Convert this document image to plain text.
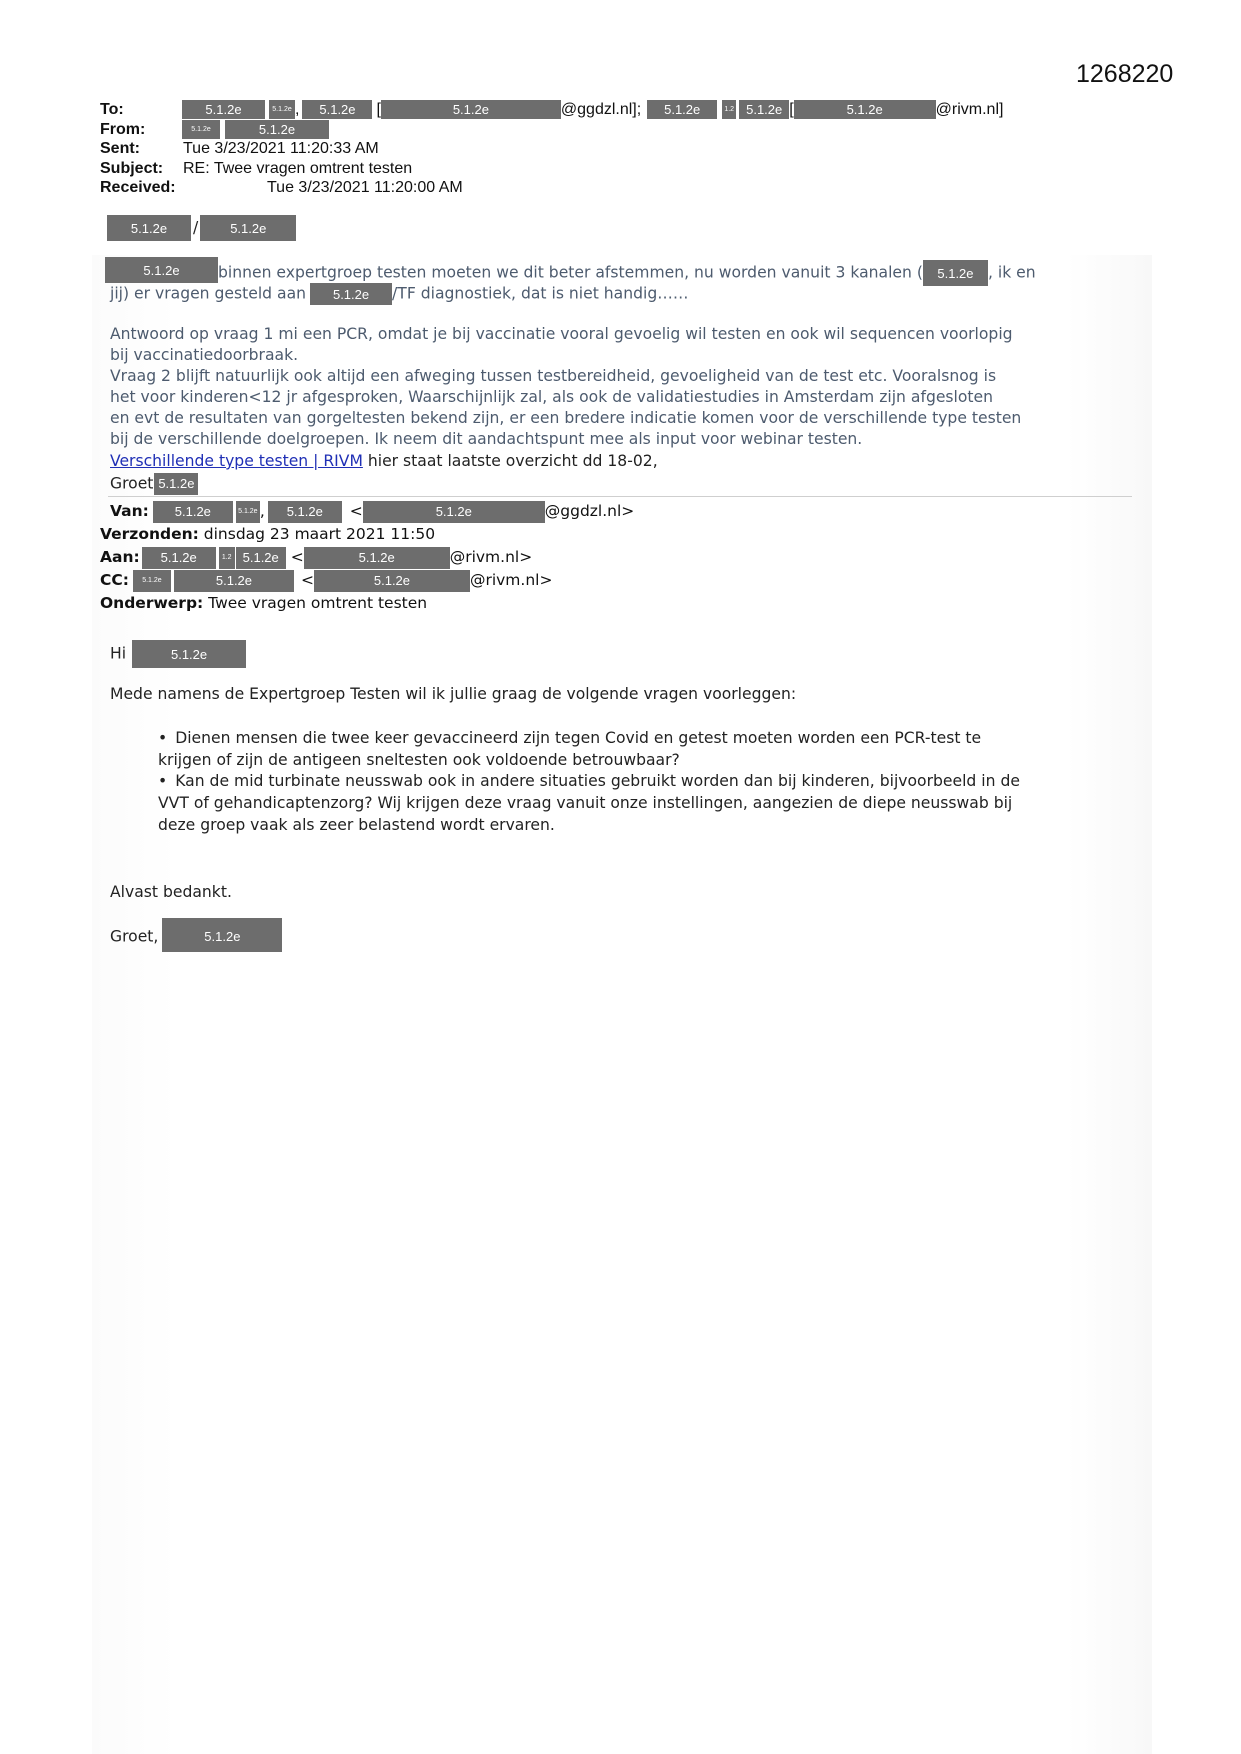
1268220
To:	5.1.2e	5.1.2e , 5.1.2e [	5.1.2e	@ggdzl.nl]; 5.1.2e	1.2 5.1.2e [	5.1.2e	@rivm.nl]
From:	5.1.2e	5.1.2e
Sent:	Tue 3/23/2021 11:20:33 AM
Subject: RE: Twee vragen omtrent testen
Received:	Tue 3/23/2021 11:20:00 AM
5.1.2e / 5.1.2e
5.1.2e binnen expertgroep testen moeten we dit beter afstemmen, nu worden vanuit 3 kanalen ( 5.1.2e , ik en
jij) er vragen gesteld aan 5.1.2e /TF diagnostiek, dat is niet handig……
Antwoord op vraag 1 mi een PCR, omdat je bij vaccinatie vooral gevoelig wil testen en ook wil sequencen voorlopig
bij vaccinatiedoorbraak.
Vraag 2 blijft natuurlijk ook altijd een afweging tussen testbereidheid, gevoeligheid van de test etc. Vooralsnog is
het voor kinderen<12 jr afgesproken, Waarschijnlijk zal, als ook de validatiestudies in Amsterdam zijn afgesloten
en evt de resultaten van gorgeltesten bekend zijn, er een bredere indicatie komen voor de verschillende type testen
bij de verschillende doelgroepen. Ik neem dit aandachtspunt mee als input voor webinar testen.
Verschillende type testen | RIVM hier staat laatste overzicht dd 18-02,
Groet 5.1.2e
Van: 5.1.2e	5.1.2e , 5.1.2e <	5.1.2e	@ggdzl.nl>
Verzonden: dinsdag 23 maart 2021 11:50
Aan: 5.1.2e	1.2 5.1.2e <	5.1.2e	@rivm.nl>
CC: 5.1.2e	5.1.2e	<	5.1.2e	@rivm.nl>
Onderwerp: Twee vragen omtrent testen
Hi	5.1.2e
Mede namens de Expertgroep Testen wil ik jullie graag de volgende vragen voorleggen:
• Dienen mensen die twee keer gevaccineerd zijn tegen Covid en getest moeten worden een PCR-test te
krijgen of zijn de antigeen sneltesten ook voldoende betrouwbaar?
• Kan de mid turbinate neusswab ook in andere situaties gebruikt worden dan bij kinderen, bijvoorbeeld in de
VVT of gehandicaptenzorg? Wij krijgen deze vraag vanuit onze instellingen, aangezien de diepe neusswab bij
deze groep vaak als zeer belastend wordt ervaren.
Alvast bedankt.
Groet,	5.1.2e
